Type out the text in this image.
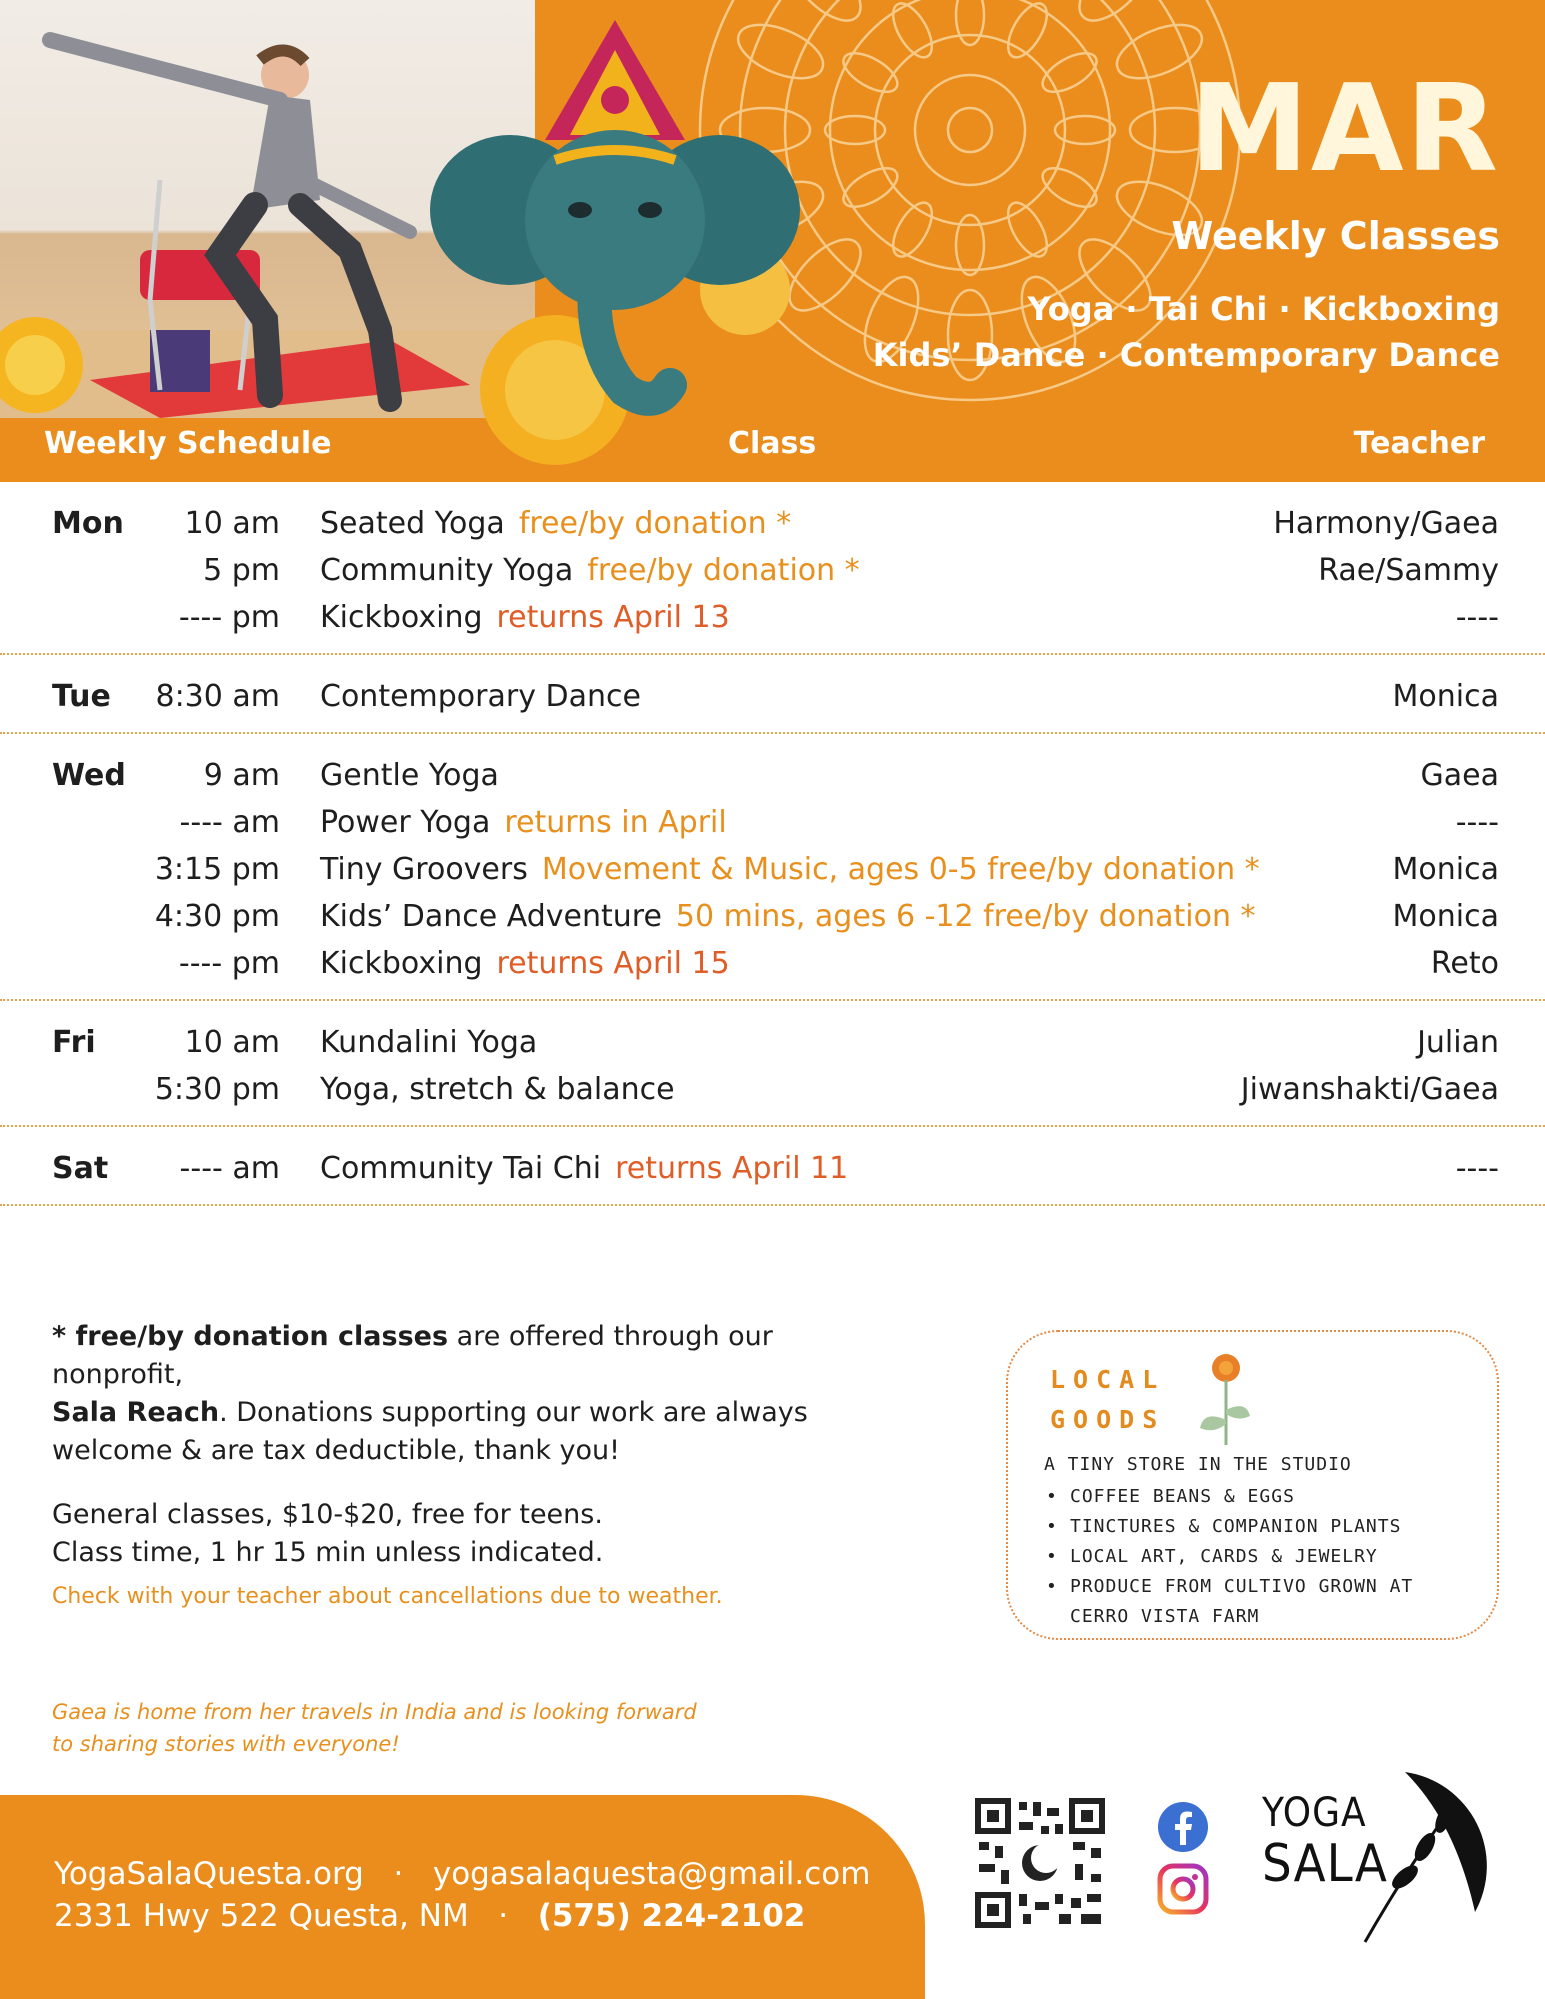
MAR
Weekly Classes
Yoga · Tai Chi · Kickboxing
Kids’ Dance · Contemporary Dance
Weekly Schedule	Class	Teacher
Mon	10 am Seated Yoga free/by donation *	Harmony/Gaea
5 pm Community Yoga free/by donation *	Rae/Sammy
---- pm Kickboxing returns April 13	----
Tue	8:30 am Contemporary Dance	Monica
Wed	9 am Gentle Yoga	Gaea
---- am Power Yoga returns in April	----
3:15 pm Tiny Groovers Movement & Music, ages 0-5 free/by donation *	Monica
4:30 pm Kids’ Dance Adventure 50 mins, ages 6 -12 free/by donation *	Monica
---- pm Kickboxing returns April 15	Reto
Fri	10 am Kundalini Yoga	Julian
5:30 pm Yoga, stretch & balance	Jiwanshakti/Gaea
Sat	---- am Community Tai Chi returns April 11	----
* free/by donation classes are offered through our nonprofit,
Sala Reach. Donations supporting our work are always welcome & are tax deductible, thank you!
General classes, $10-$20, free for teens.
Class time, 1 hr 15 min unless indicated.
Check with your teacher about cancellations due to weather.
Gaea is home from her travels in India and is looking forward
to sharing stories with everyone!
LOCAL
GOODS
A TINY STORE IN THE STUDIO
• COFFEE BEANS & EGGS
• TINCTURES & COMPANION PLANTS
• LOCAL ART, CARDS & JEWELRY
• PRODUCE FROM CULTIVO GROWN AT CERRO VISTA FARM
YogaSalaQuesta.org · yogasalaquesta@gmail.com
2331 Hwy 522 Questa, NM · (575) 224-2102
YOGA
SALA
